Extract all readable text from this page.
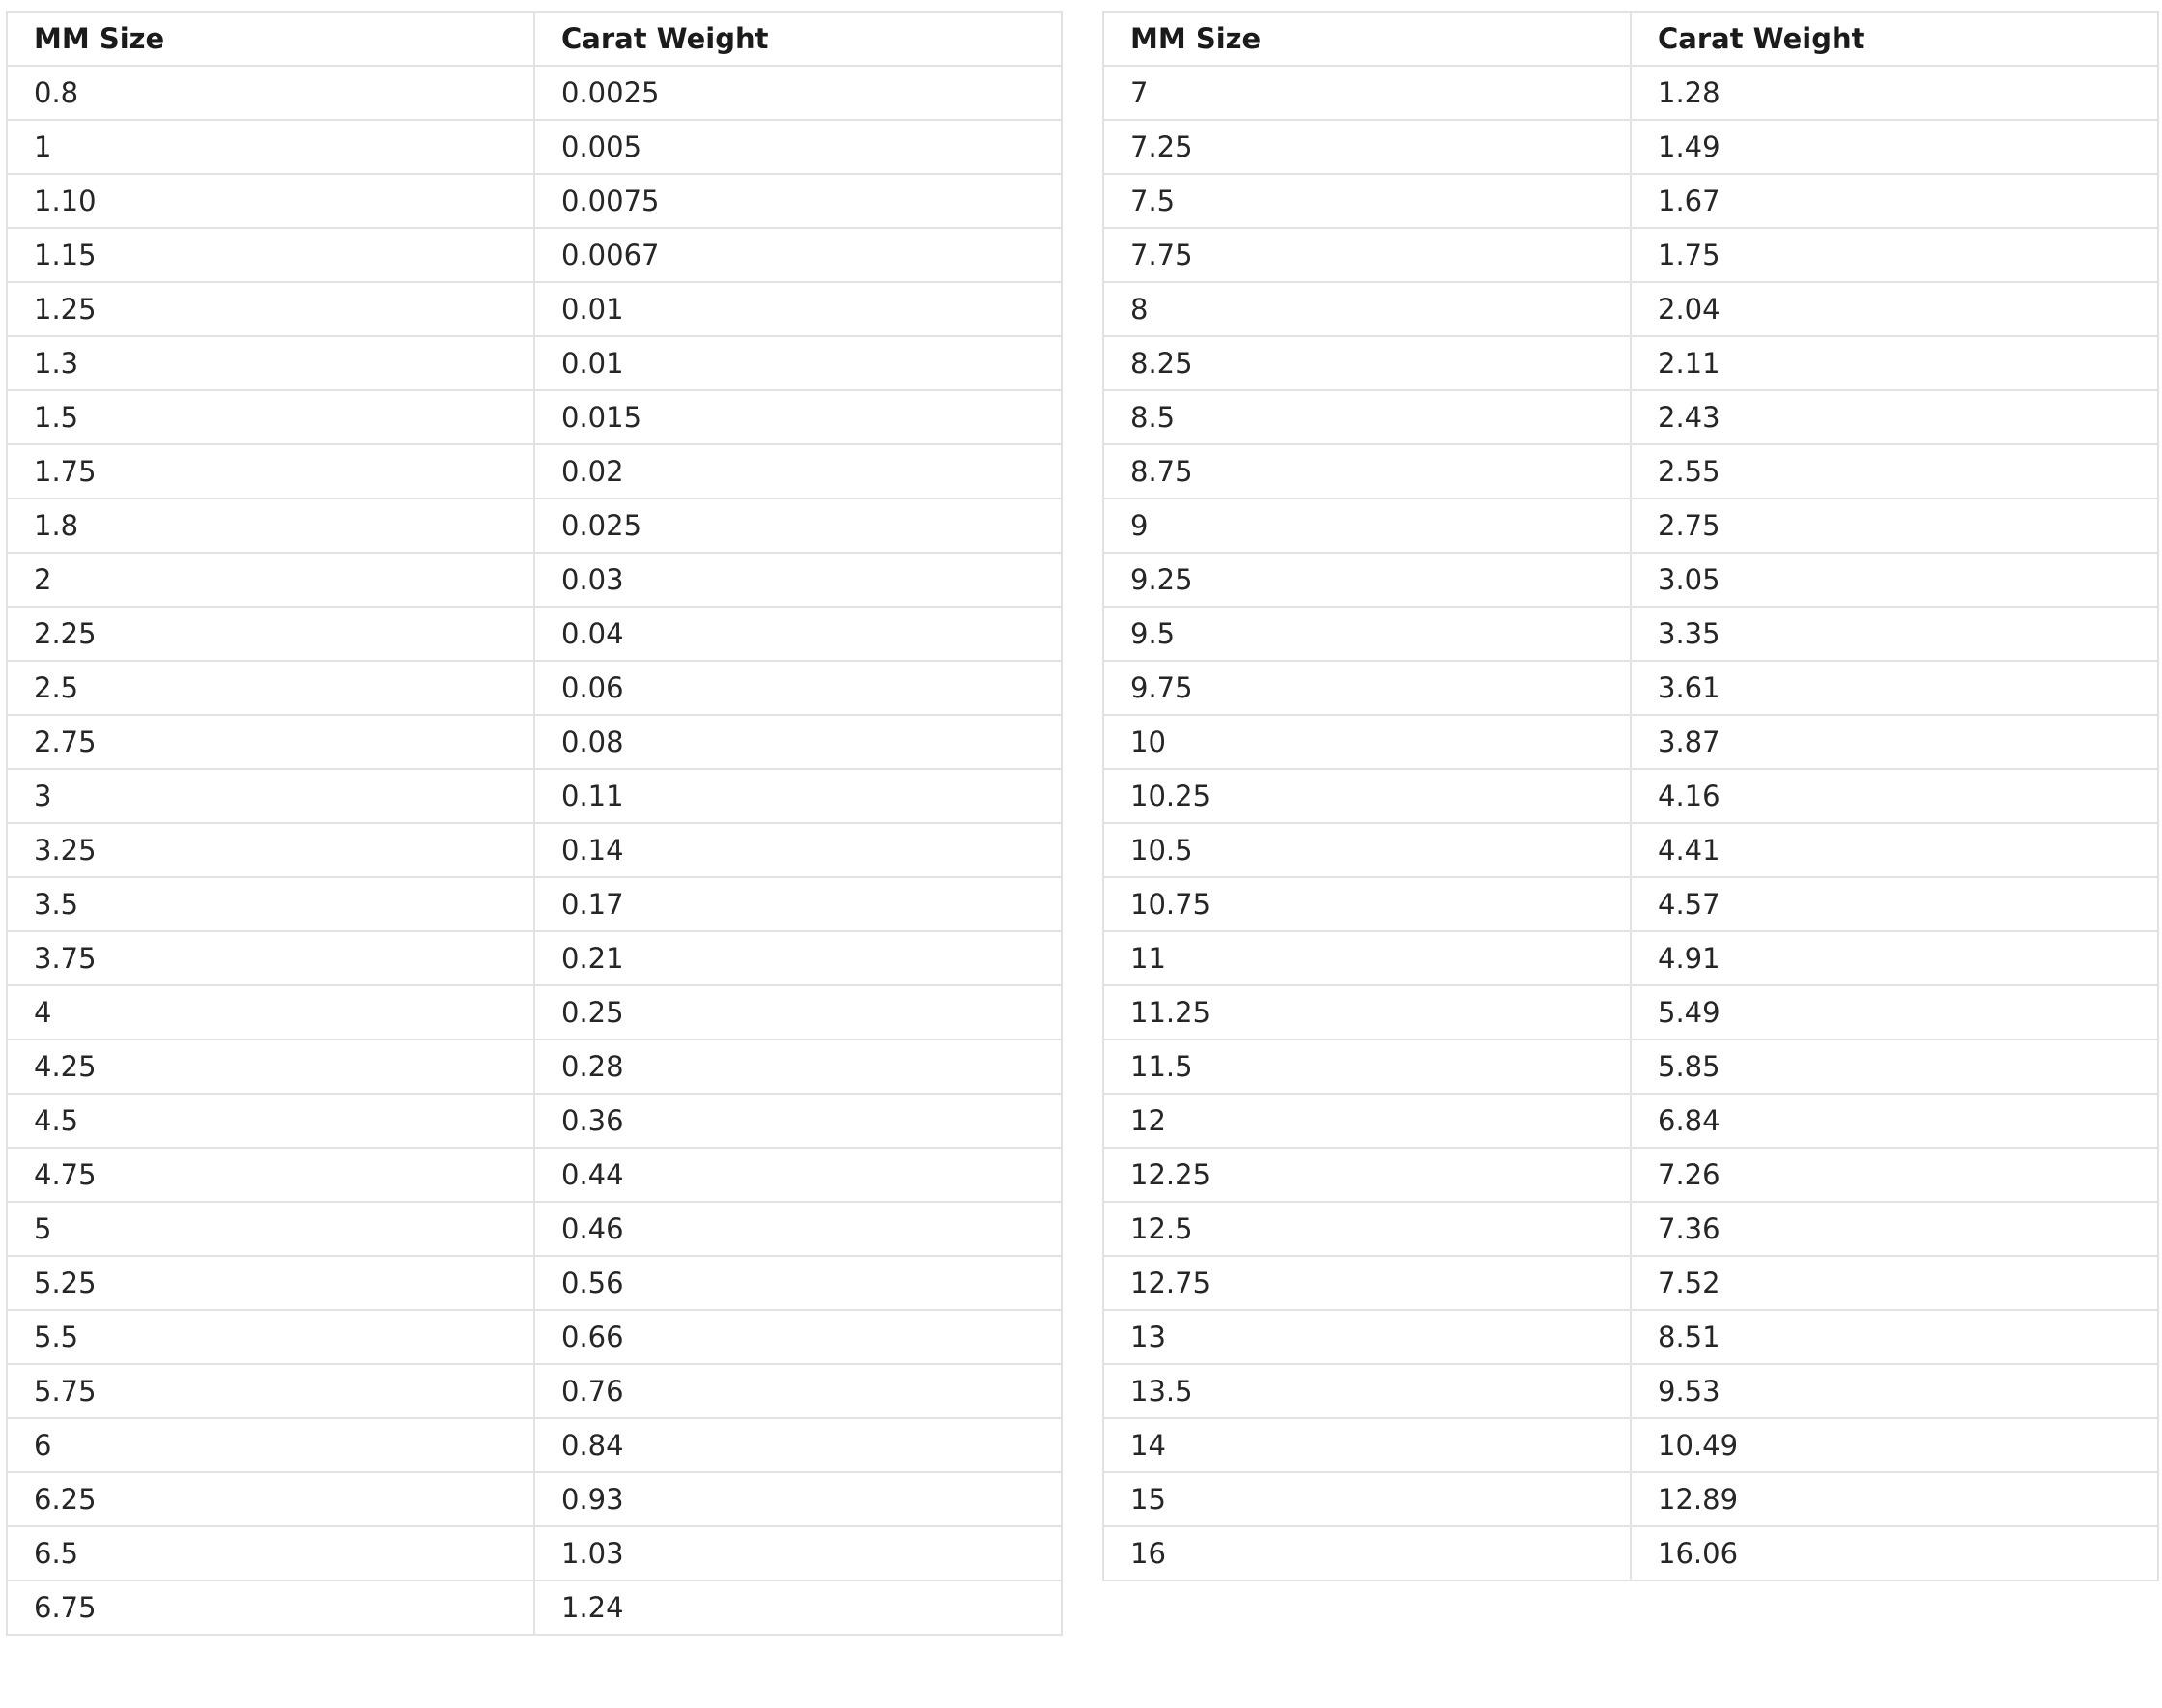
MM Size	Carat Weight
0.8	0.0025
1	0.005
1.10	0.0075
1.15	0.0067
1.25	0.01
1.3	0.01
1.5	0.015
1.75	0.02
1.8	0.025
2	0.03
2.25	0.04
2.5	0.06
2.75	0.08
3	0.11
3.25	0.14
3.5	0.17
3.75	0.21
4	0.25
4.25	0.28
4.5	0.36
4.75	0.44
5	0.46
5.25	0.56
5.5	0.66
5.75	0.76
6	0.84
6.25	0.93
6.5	1.03
6.75	1.24
MM Size	Carat Weight
7	1.28
7.25	1.49
7.5	1.67
7.75	1.75
8	2.04
8.25	2.11
8.5	2.43
8.75	2.55
9	2.75
9.25	3.05
9.5	3.35
9.75	3.61
10	3.87
10.25	4.16
10.5	4.41
10.75	4.57
11	4.91
11.25	5.49
11.5	5.85
12	6.84
12.25	7.26
12.5	7.36
12.75	7.52
13	8.51
13.5	9.53
14	10.49
15	12.89
16	16.06
